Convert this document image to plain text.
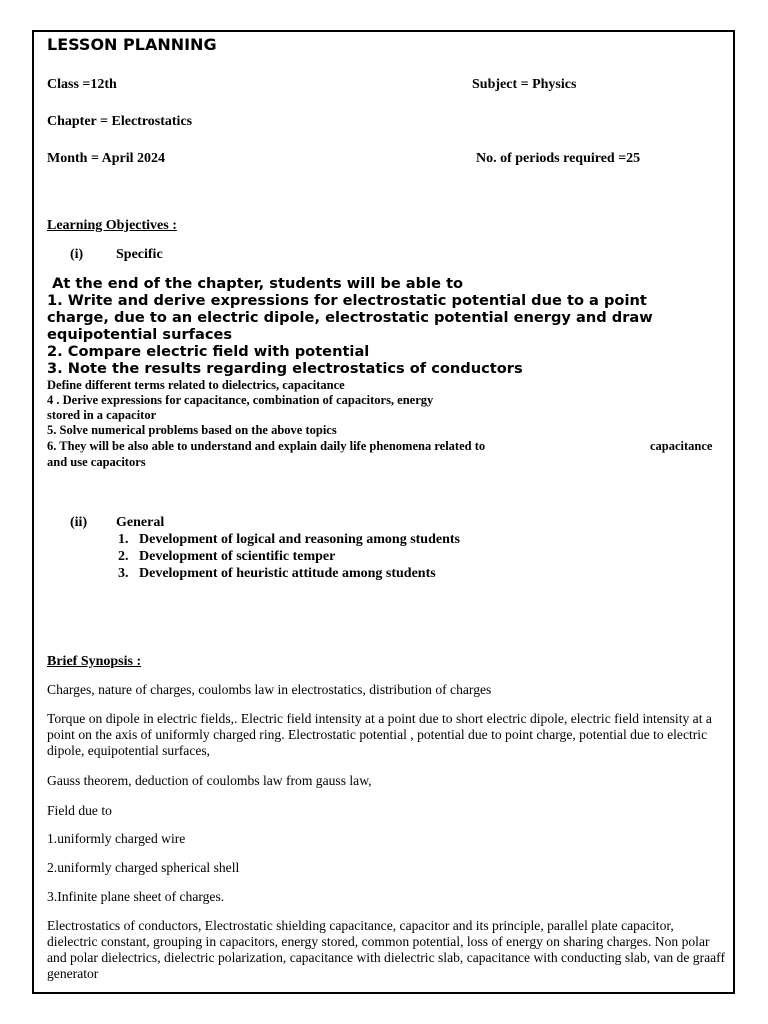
LESSON PLANNING
Class =12th	Subject = Physics
Chapter = Electrostatics
Month = April 2024	No. of periods required =25
Learning Objectives :
(i) Specific
At the end of the chapter, students will be able to
1. Write and derive expressions for electrostatic potential due to a point
charge, due to an electric dipole, electrostatic potential energy and draw
equipotential surfaces
2. Compare electric field with potential
3. Note the results regarding electrostatics of conductors
Define different terms related to dielectrics, capacitance
4 . Derive expressions for capacitance, combination of capacitors, energy
stored in a capacitor
5. Solve numerical problems based on the above topics
6. They will be also able to understand and explain daily life phenomena related to	capacitance
and use capacitors
(ii) General
1. Development of logical and reasoning among students
2. Development of scientific temper
3. Development of heuristic attitude among students
Brief Synopsis :
Charges, nature of charges, coulombs law in electrostatics, distribution of charges
Torque on dipole in electric fields,. Electric field intensity at a point due to short electric dipole, electric field intensity at a point on the axis of uniformly charged ring. Electrostatic potential , potential due to point charge, potential due to electric dipole, equipotential surfaces,
Gauss theorem, deduction of coulombs law from gauss law,
Field due to
1.uniformly charged wire
2.uniformly charged spherical shell
3.Infinite plane sheet of charges.
Electrostatics of conductors, Electrostatic shielding capacitance, capacitor and its principle, parallel plate capacitor, dielectric constant, grouping in capacitors, energy stored, common potential, loss of energy on sharing charges. Non polar and polar dielectrics, dielectric polarization, capacitance with dielectric slab, capacitance with conducting slab, van de graaff generator
